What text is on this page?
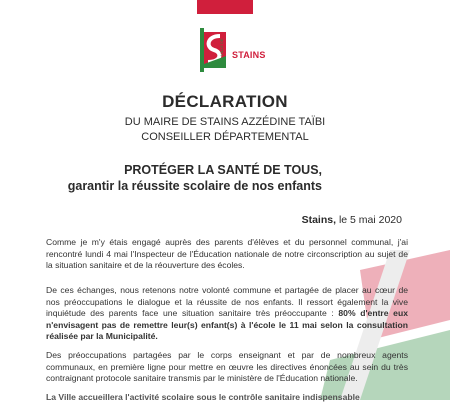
STAINS
VILLE DE
DÉCLARATION
DU MAIRE DE STAINS AZZÉDINE TAÏBI
CONSEILLER DÉPARTEMENTAL
PROTÉGER LA SANTÉ DE TOUS,
garantir la réussite scolaire de nos enfants
Stains, le 5 mai 2020
Comme je m'y étais engagé auprès des parents d'élèves et du personnel communal, j'ai rencontré lundi 4 mai l'Inspecteur de l'Éducation nationale de notre circonscription au sujet de la situation sanitaire et de la réouverture des écoles.
De ces échanges, nous retenons notre volonté commune et partagée de placer au cœur de nos préoccupations le dialogue et la réussite de nos enfants. Il ressort également la vive inquiétude des parents face une situation sanitaire très préoccupante : 80% d'entre eux n'envisagent pas de remettre leur(s) enfant(s) à l'école le 11 mai selon la consultation réalisée par la Municipalité.
Des préoccupations partagées par le corps enseignant et par de nombreux agents communaux, en première ligne pour mettre en œuvre les directives énoncées au sein du très contraignant protocole sanitaire transmis par le ministère de l'Éducation nationale.
La Ville accueillera l'activité scolaire sous le contrôle sanitaire indispensable
